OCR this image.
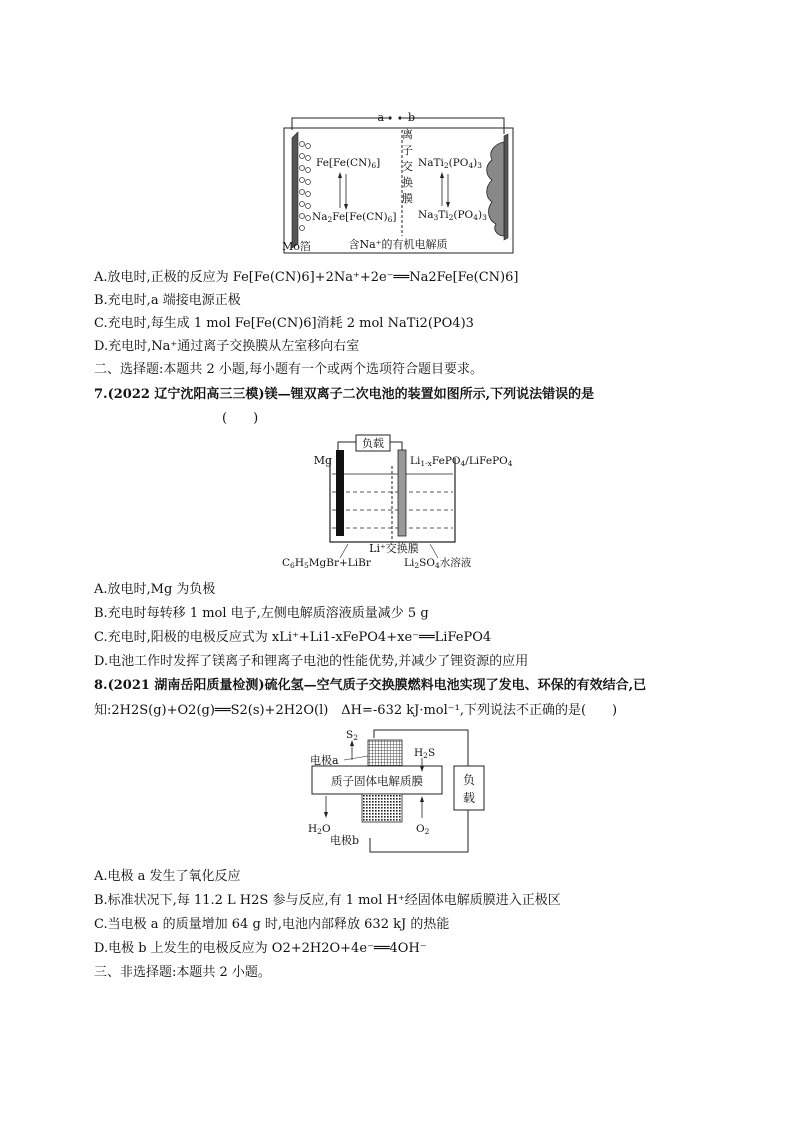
a b
Fe[Fe(CN)6]
Na2Fe[Fe(CN)6]
离
子
交
换
膜
NaTi2(PO4)3
Na3Ti2(PO4)3
Mo箔	含Na⁺的有机电解质
A.放电时,正极的反应为 Fe[Fe(CN)6]+2Na⁺+2e⁻══Na2Fe[Fe(CN)6]
B.充电时,a 端接电源正极
C.充电时,每生成 1 mol Fe[Fe(CN)6]消耗 2 mol NaTi2(PO4)3
D.充电时,Na⁺通过离子交换膜从左室移向右室
二、选择题:本题共 2 小题,每小题有一个或两个选项符合题目要求。
7.(2022 辽宁沈阳高三三模)镁—锂双离子二次电池的装置如图所示,下列说法错误的是
(　　)
负载
Mg	Li1-xFePO4/LiFePO4
Li⁺交换膜
C6H5MgBr+LiBr	Li2SO4水溶液
A.放电时,Mg 为负极
B.充电时每转移 1 mol 电子,左侧电解质溶液质量减少 5 g
C.充电时,阳极的电极反应式为 xLi⁺+Li1-xFePO4+xe⁻══LiFePO4
D.电池工作时发挥了镁离子和锂离子电池的性能优势,并减少了锂资源的应用
8.(2021 湖南岳阳质量检测)硫化氢—空气质子交换膜燃料电池实现了发电、环保的有效结合,已
知:2H2S(g)+O2(g)══S2(s)+2H2O(l)　ΔH=-632 kJ·mol⁻¹,下列说法不正确的是(　　)
负
载
质子固体电解质膜
S2
H2S
电极a
H2O	O2
电极b
A.电极 a 发生了氧化反应
B.标准状况下,每 11.2 L H2S 参与反应,有 1 mol H⁺经固体电解质膜进入正极区
C.当电极 a 的质量增加 64 g 时,电池内部释放 632 kJ 的热能
D.电极 b 上发生的电极反应为 O2+2H2O+4e⁻══4OH⁻
三、非选择题:本题共 2 小题。
